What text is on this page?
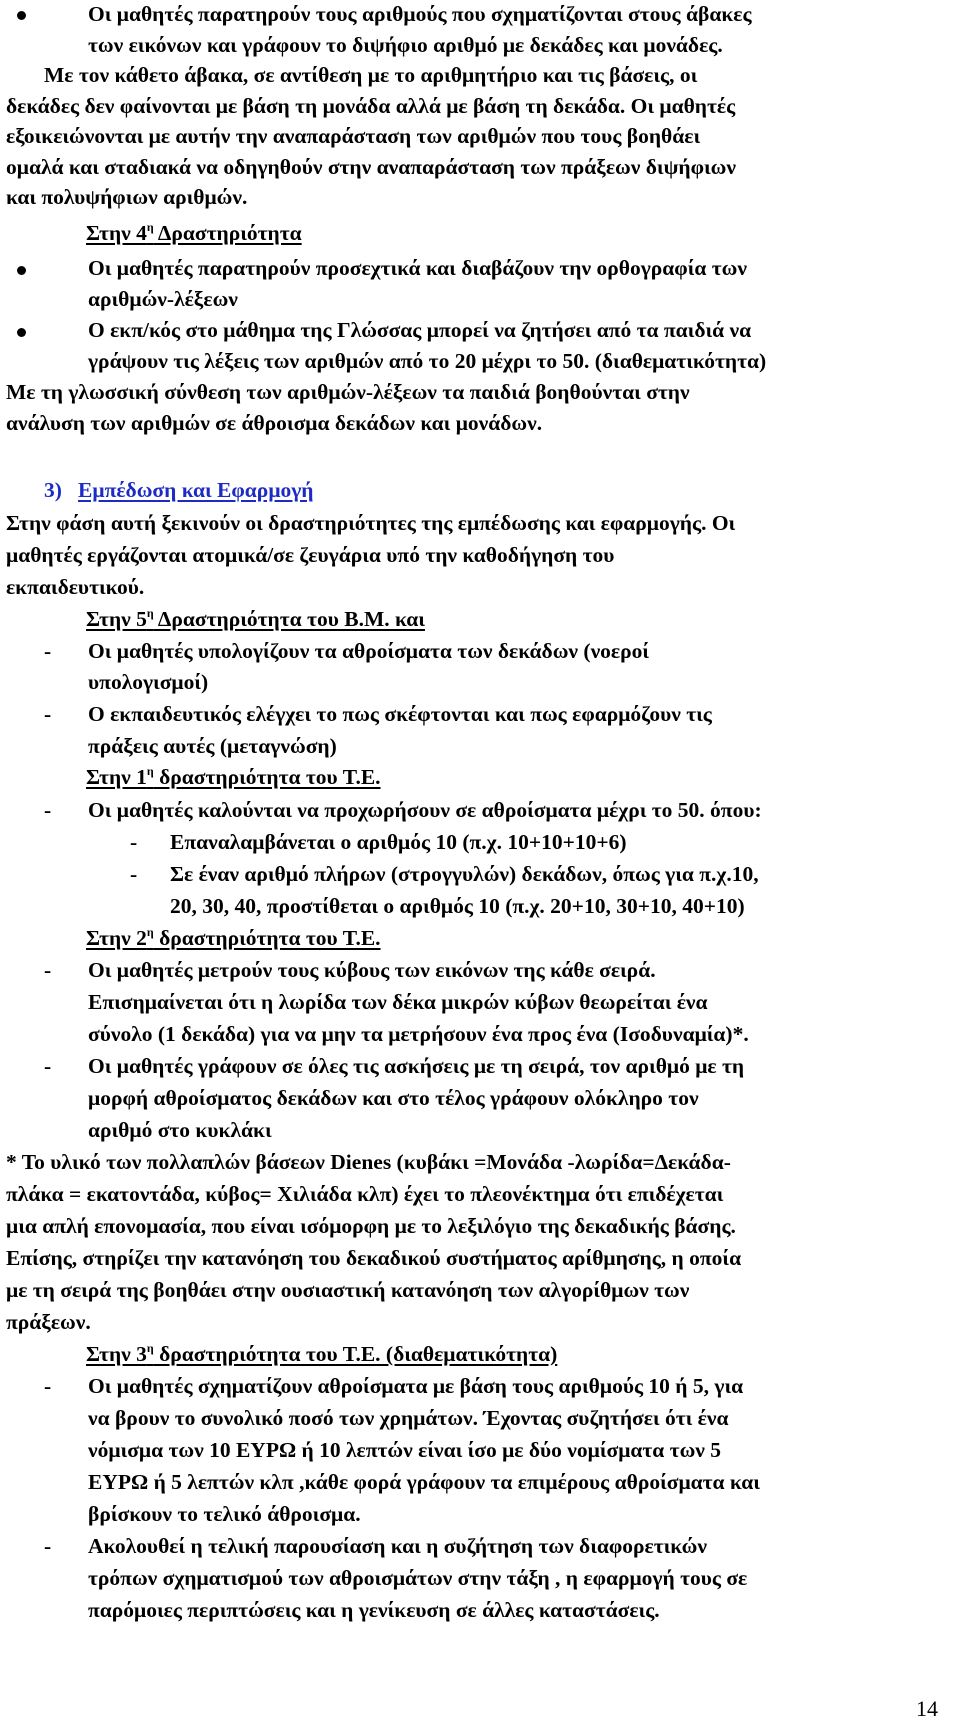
Οι μαθητές παρατηρούν τους αριθμούς που σχηματίζονται στους άβακες
των εικόνων και γράφουν το διψήφιο αριθμό με δεκάδες και μονάδες.
Με τον κάθετο άβακα, σε αντίθεση με το αριθμητήριο και τις βάσεις, οι
δεκάδες δεν φαίνονται με βάση τη μονάδα αλλά με βάση τη δεκάδα. Οι μαθητές
εξοικειώνονται με αυτήν την αναπαράσταση των αριθμών που τους βοηθάει
ομαλά και σταδιακά να οδηγηθούν στην αναπαράσταση των πράξεων διψήφιων
και πολυψήφιων αριθμών.
Στην $4^\eta$ Δραστηριότητα
Οι μαθητές παρατηρούν προσεχτικά και διαβάζουν την ορθογραφία των
αριθμών-λέξεων
Ο εκπ/κός στο μάθημα της Γλώσσας μπορεί να ζητήσει από τα παιδιά να
γράψουν τις λέξεις των αριθμών από το 20 μέχρι το 50. (διαθεματικότητα)
Με τη γλωσσική σύνθεση των αριθμών-λέξεων τα παιδιά βοηθούνται στην
ανάλυση των αριθμών σε άθροισμα δεκάδων και μονάδων.
3) Εμπέδωση και Εφαρμογή
Στην φάση αυτή ξεκινούν οι δραστηριότητες της εμπέδωσης και εφαρμογής. Οι
μαθητές εργάζονται ατομικά/σε ζευγάρια υπό την καθοδήγηση του
εκπαιδευτικού.
Στην $5^\eta$ Δραστηριότητα του Β.Μ. και
- Οι μαθητές υπολογίζουν τα αθροίσματα των δεκάδων (νοεροί
υπολογισμοί)
- Ο εκπαιδευτικός ελέγχει το πως σκέφτονται και πως εφαρμόζουν τις
πράξεις αυτές (μεταγνώση)
Στην $1^\eta$ δραστηριότητα του Τ.Ε.
- Οι μαθητές καλούνται να προχωρήσουν σε αθροίσματα μέχρι το 50. όπου:
- Επαναλαμβάνεται ο αριθμός 10 (π.χ. 10+10+10+6)
- Σε έναν αριθμό πλήρων (στρογγυλών) δεκάδων, όπως για π.χ.10,
20, 30, 40, προστίθεται ο αριθμός 10 (π.χ. 20+10, 30+10, 40+10)
Στην $2^\eta$ δραστηριότητα του Τ.Ε.
- Οι μαθητές μετρούν τους κύβους των εικόνων της κάθε σειρά.
Επισημαίνεται ότι η λωρίδα των δέκα μικρών κύβων θεωρείται ένα
σύνολο (1 δεκάδα) για να μην τα μετρήσουν ένα προς ένα (Ισοδυναμία)*.
- Οι μαθητές γράφουν σε όλες τις ασκήσεις με τη σειρά, τον αριθμό με τη
μορφή αθροίσματος δεκάδων και στο τέλος γράφουν ολόκληρο τον
αριθμό στο κυκλάκι
* Το υλικό των πολλαπλών βάσεων Dienes (κυβάκι =Μονάδα -λωρίδα=Δεκάδα-
πλάκα = εκατοντάδα, κύβος= Χιλιάδα κλπ) έχει το πλεονέκτημα ότι επιδέχεται
μια απλή επονομασία, που είναι ισόμορφη με το λεξιλόγιο της δεκαδικής βάσης.
Επίσης, στηρίζει την κατανόηση του δεκαδικού συστήματος αρίθμησης, η οποία
με τη σειρά της βοηθάει στην ουσιαστική κατανόηση των αλγορίθμων των
πράξεων.
Στην $3^\eta$ δραστηριότητα του Τ.Ε. (διαθεματικότητα)
- Οι μαθητές σχηματίζουν αθροίσματα με βάση τους αριθμούς 10 ή 5, για
να βρουν το συνολικό ποσό των χρημάτων. Έχοντας συζητήσει ότι ένα
νόμισμα των 10 ΕΥΡΩ ή 10 λεπτών είναι ίσο με δύο νομίσματα των 5
ΕΥΡΩ ή 5 λεπτών κλπ ,κάθε φορά γράφουν τα επιμέρους αθροίσματα και
βρίσκουν το τελικό άθροισμα.
- Ακολουθεί η τελική παρουσίαση και η συζήτηση των διαφορετικών
τρόπων σχηματισμού των αθροισμάτων στην τάξη , η εφαρμογή τους σε
παρόμοιες περιπτώσεις και η γενίκευση σε άλλες καταστάσεις.
14
